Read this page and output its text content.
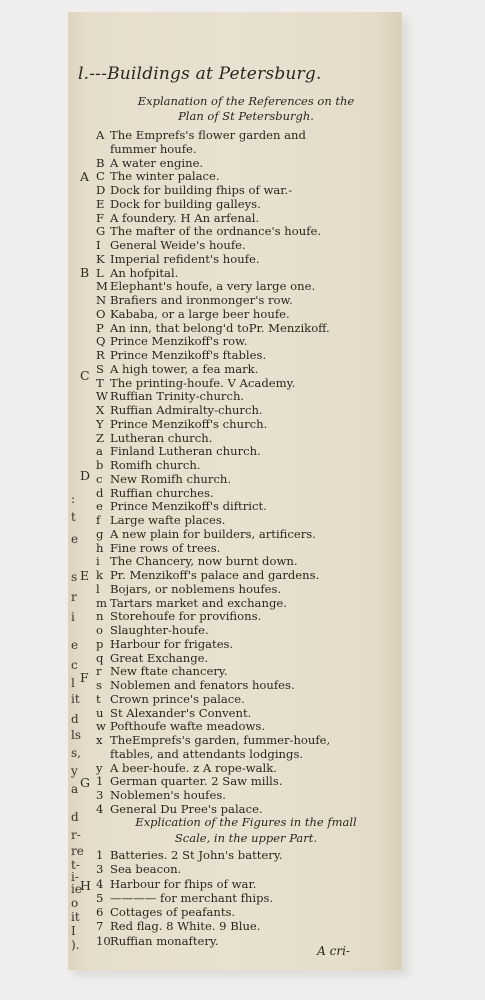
:
t
e
s
r
i
e
c
l
it
d
ls
s,
y
a
d
r-
re
t-
i-
ie
o
it
I
).
A
B
C
D
E
F
G
H
l.---Buildings at Petersburg.
Explanation of the References on the
Plan of St Petersburgh.
A The Emprefs's flower garden and
fummer houfe.
B A water engine.
C The winter palace.
D Dock for building fhips of war.-
E Dock for building galleys.
F A foundery. H An arfenal.
G The mafter of the ordnance's houfe.
I General Weide's houfe.
K Imperial refident's houfe.
L An hofpital.
M Elephant's houfe, a very large one.
N Brafiers and ironmonger's row.
O Kababa, or a large beer houfe.
P An inn, that belong'd toPr. Menzikoff.
Q Prince Menzikoff's row.
R Prince Menzikoff's ftables.
S A high tower, a fea mark.
T The printing-houfe. V Academy.
W Ruffian Trinity-church.
X Ruffian Admiralty-church.
Y Prince Menzikoff's church.
Z Lutheran church.
a Finland Lutheran church.
b Romifh church.
c New Romifh church.
d Ruffian churches.
e Prince Menzikoff's diftrict.
f Large wafte places.
g A new plain for builders, artificers.
h Fine rows of trees.
i The Chancery, now burnt down.
k Pr. Menzikoff's palace and gardens.
l Bojars, or noblemens houfes.
m Tartars market and exchange.
n Storehoufe for provifions.
o Slaughter-houfe.
p Harbour for frigates.
q Great Exchange.
r New ftate chancery.
s Noblemen and fenators houfes.
t Crown prince's palace.
u St Alexander's Convent.
w Pofthoufe wafte meadows.
x TheEmprefs's garden, fummer-houfe,
ftables, and attendants lodgings.
y A beer-houfe. z A rope-walk.
1 German quarter. 2 Saw mills.
3 Noblemen's houfes.
4 General Du Pree's palace.
Explication of the Figures in the fmall
Scale, in the upper Part.
1 Batteries. 2 St John's battery.
3 Sea beacon.
4 Harbour for fhips of war.
5 ———— for merchant fhips.
6 Cottages of peafants.
7 Red flag. 8 White. 9 Blue.
10 Ruffian monaftery.
A cri-
